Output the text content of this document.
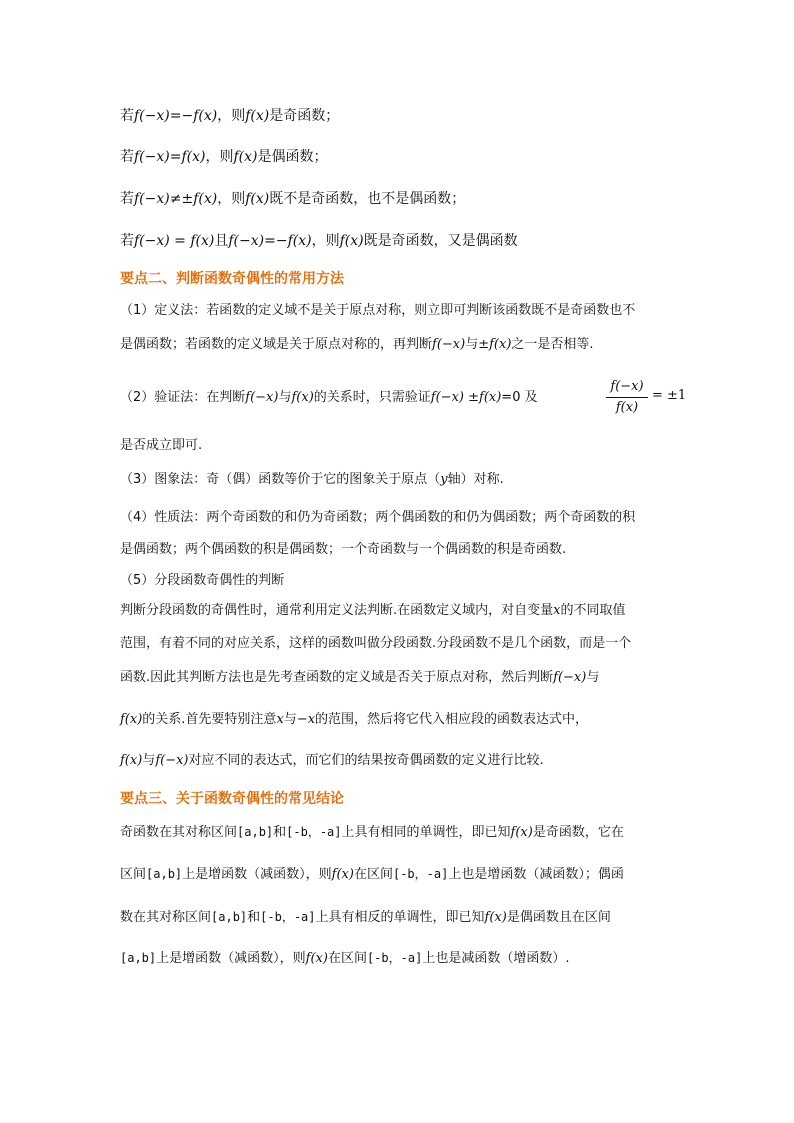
若f(−x)=−f(x)，则f(x)是奇函数；
若f(−x)=f(x)，则f(x)是偶函数；
若f(−x)≠±f(x)，则f(x)既不是奇函数，也不是偶函数；
若f(−x) = f(x)且f(−x)=−f(x)，则f(x)既是奇函数，又是偶函数
要点二、判断函数奇偶性的常用方法
（1）定义法：若函数的定义域不是关于原点对称，则立即可判断该函数既不是奇函数也不
是偶函数；若函数的定义域是关于原点对称的，再判断f(−x)与±f(x)之一是否相等.
（2）验证法：在判断f(−x)与f(x)的关系时，只需验证f(−x) ±f(x)=0 及
f(−x)
f(x)
= ±1
是否成立即可.
（3）图象法：奇（偶）函数等价于它的图象关于原点（y轴）对称.
（4）性质法：两个奇函数的和仍为奇函数；两个偶函数的和仍为偶函数；两个奇函数的积
是偶函数；两个偶函数的积是偶函数；一个奇函数与一个偶函数的积是奇函数.
（5）分段函数奇偶性的判断
判断分段函数的奇偶性时，通常利用定义法判断.在函数定义域内，对自变量x的不同取值
范围，有着不同的对应关系，这样的函数叫做分段函数.分段函数不是几个函数，而是一个
函数.因此其判断方法也是先考查函数的定义域是否关于原点对称，然后判断f(−x)与
f(x)的关系.首先要特别注意x与−x的范围，然后将它代入相应段的函数表达式中，
f(x)与f(−x)对应不同的表达式，而它们的结果按奇偶函数的定义进行比较.
要点三、关于函数奇偶性的常见结论
奇函数在其对称区间[a,b]和[-b，-a]上具有相同的单调性，即已知f(x)是奇函数，它在
区间[a,b]上是增函数（减函数），则f(x)在区间[-b，-a]上也是增函数（减函数）；偶函
数在其对称区间[a,b]和[-b，-a]上具有相反的单调性，即已知f(x)是偶函数且在区间
[a,b]上是增函数（减函数），则f(x)在区间[-b，-a]上也是减函数（增函数）.
